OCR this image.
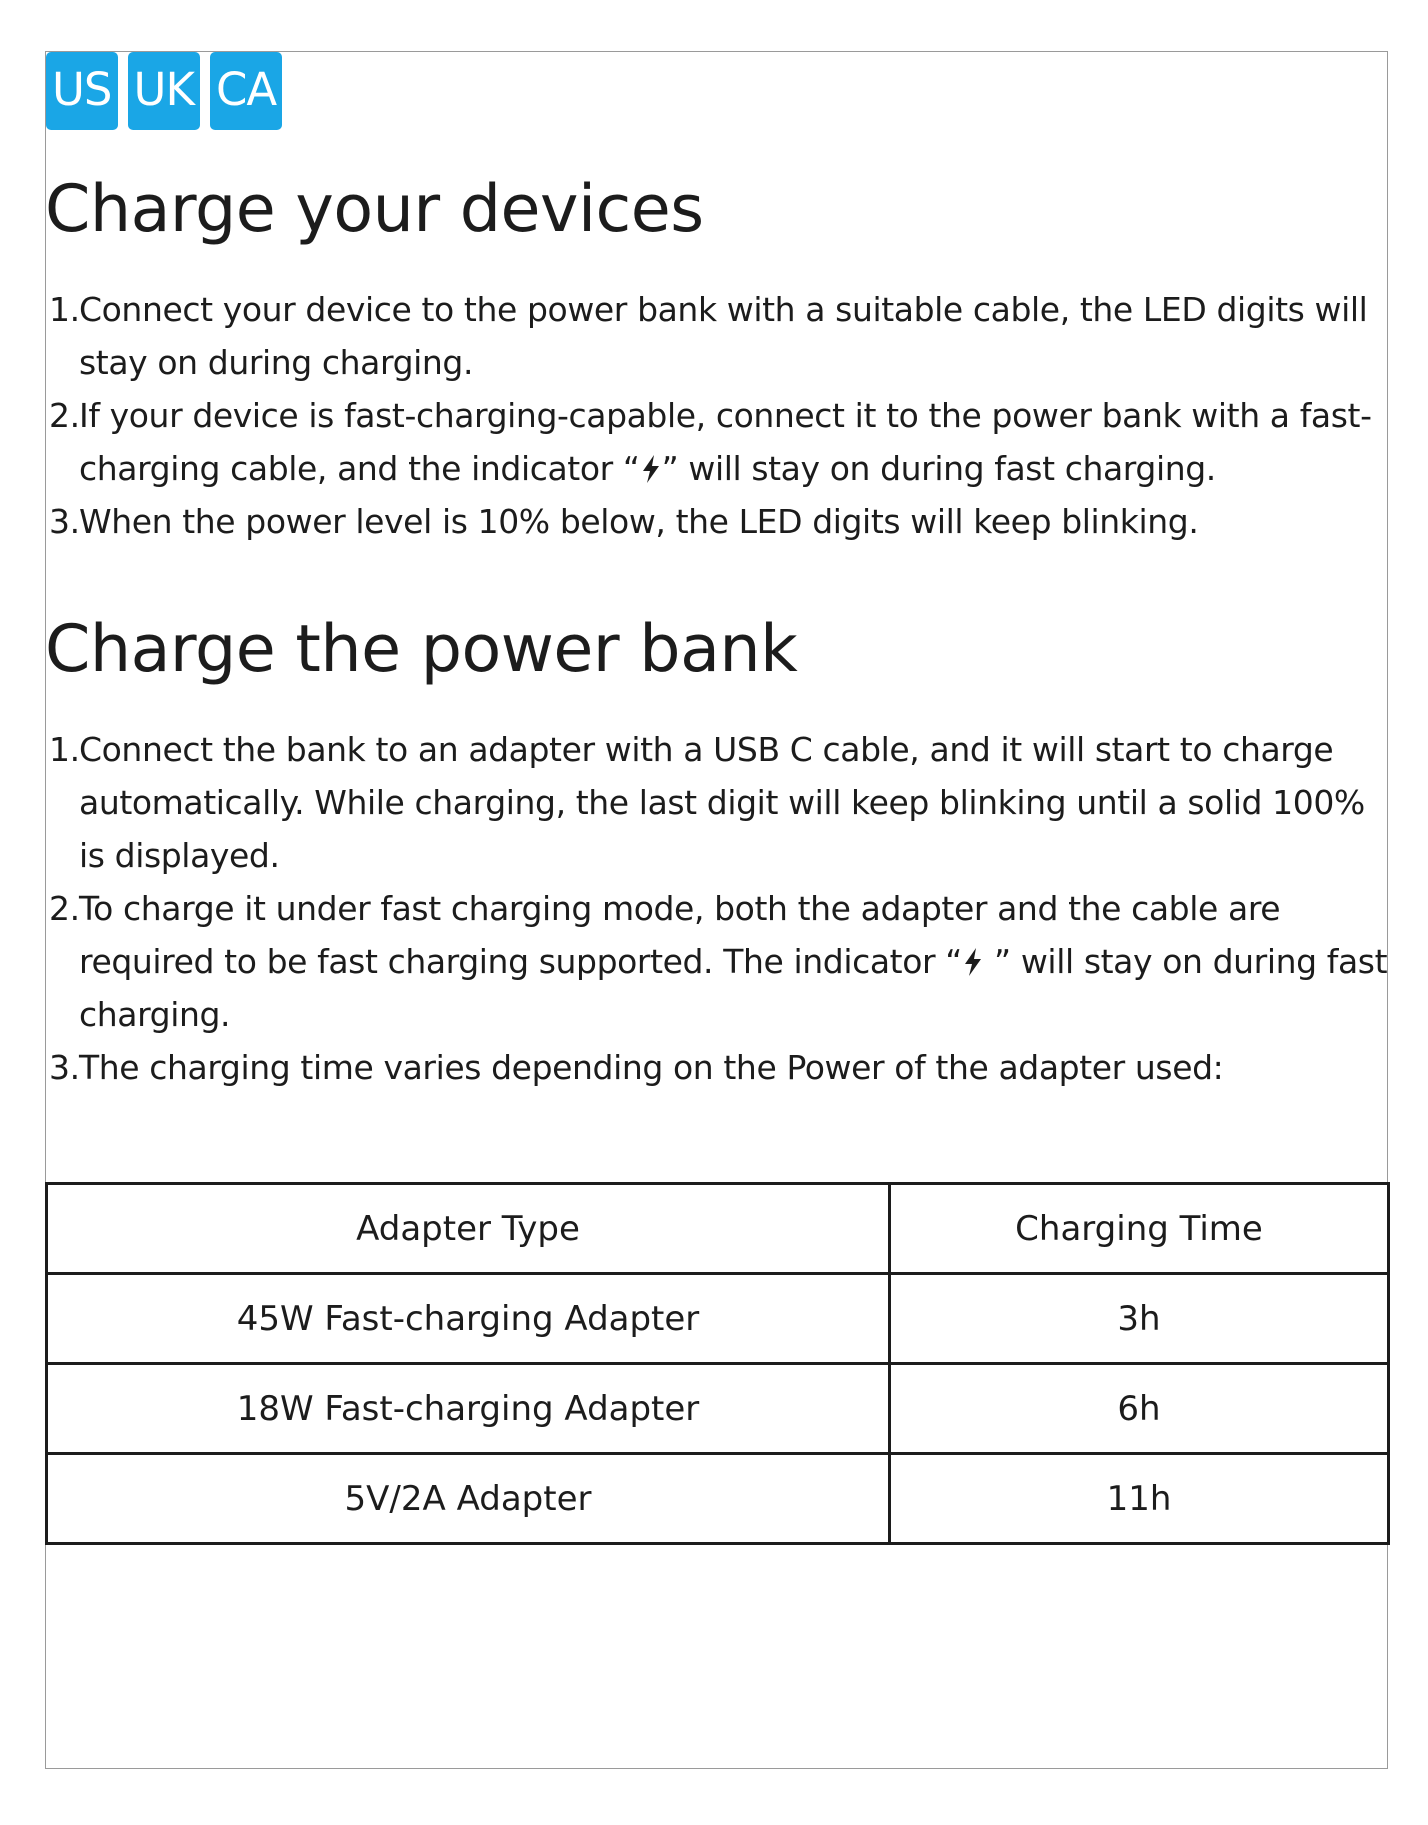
US UK CA
Charge your devices
1. Connect your device to the power bank with a suitable cable, the LED digits will stay on during charging.
2. If your device is fast-charging-capable, connect it to the power bank with a fast-charging cable, and the indicator “ ” will stay on during fast charging.
3. When the power level is 10% below, the LED digits will keep blinking.
Charge the power bank
1. Connect the bank to an adapter with a USB C cable, and it will start to charge automatically. While charging, the last digit will keep blinking until a solid 100% is displayed.
2. To charge it under fast charging mode, both the adapter and the cable are required to be fast charging supported. The indicator “ ” will stay on during fast charging.
3. The charging time varies depending on the Power of the adapter used:
Adapter Type	Charging Time
45W Fast-charging Adapter	3h
18W Fast-charging Adapter	6h
5V/2A Adapter	11h
